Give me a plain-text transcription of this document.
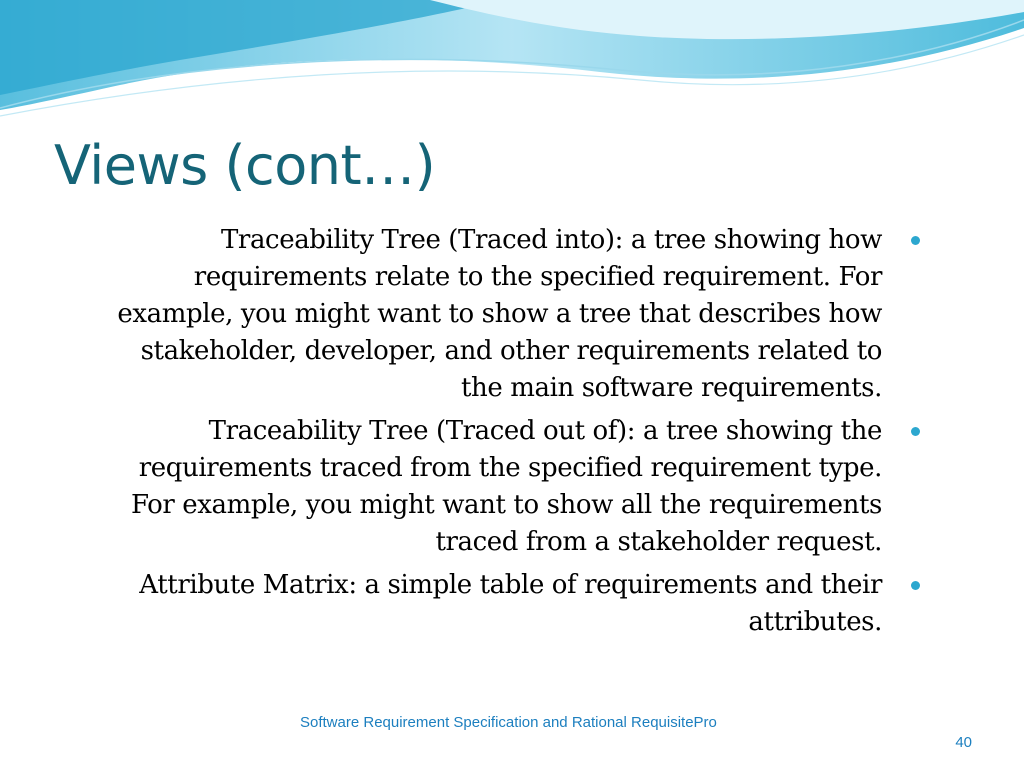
Views (cont…)
Traceability Tree (Traced into): a tree showing how requirements relate to the specified requirement. For example, you might want to show a tree that describes how stakeholder, developer, and other requirements related to the main software requirements.
Traceability Tree (Traced out of): a tree showing the requirements traced from the specified requirement type. For example, you might want to show all the requirements traced from a stakeholder request.
Attribute Matrix: a simple table of requirements and their attributes.
Software Requirement Specification and Rational RequisitePro
40
